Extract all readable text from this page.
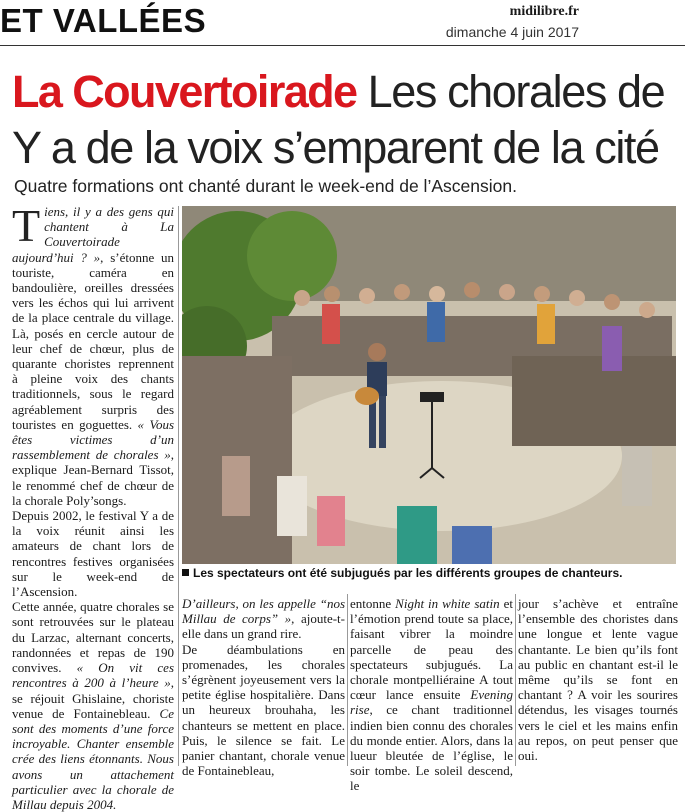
ET VALLÉES	midilibre.fr
dimanche 4 juin 2017
La Couvertoirade Les chorales de Y a de la voix s’emparent de la cité
Quatre formations ont chanté durant le week-end de l’Ascension.

Tiens, il y a des gens qui chantent à La Couvertoirade aujourd’hui ? », s’étonne un touriste, caméra en bandoulière, oreilles dressées vers les échos qui lui arrivent de la place centrale du village. Là, posés en cercle autour de leur chef de chœur, plus de quarante choristes reprennent à pleine voix des chants traditionnels, sous le regard agréablement surpris des touristes en goguettes. « Vous êtes victimes d’un rassemblement de chorales », explique Jean-Bernard Tissot, le renommé chef de chœur de la chorale Poly’songs.

Depuis 2002, le festival Y a de la voix réunit ainsi les amateurs de chant lors de rencontres festives organisées sur le week-end de l’Ascension.

Cette année, quatre chorales se sont retrouvées sur le plateau du Larzac, alternant concerts, randonnées et repas de 190 convives. « On vit ces rencontres à 200 à l’heure », se réjouit Ghislaine, choriste venue de Fontainebleau. Ce sont des moments d’une force incroyable. Chanter ensemble crée des liens étonnants. Nous avons un attachement particulier avec la chorale de Millau depuis 2004.

Les spectateurs ont été subjugués par les différents groupes de chanteurs.

D’ailleurs, on les appelle “nos Millau de corps” », ajoute-t-elle dans un grand rire.

De déambulations en promenades, les chorales s’égrènent joyeusement vers la petite église hospitalière. Dans un heureux brouhaha, les chanteurs se mettent en place. Puis, le silence se fait. Le panier chantant, chorale venue de Fontainebleau,

entonne Night in white satin et l’émotion prend toute sa place, faisant vibrer la moindre parcelle de peau des spectateurs subjugués. La chorale montpelliéraine A tout cœur lance ensuite Evening rise, ce chant traditionnel indien bien connu des chorales du monde entier. Alors, dans la lueur bleutée de l’église, le soir tombe. Le soleil descend, le

jour s’achève et entraîne l’ensemble des choristes dans une longue et lente vague chantante. Le bien qu’ils font au public en chantant est-il le même qu’ils se font en chantant ? A voir les sourires détendus, les visages tournés vers le ciel et les mains enfin au repos, on peut penser que oui.
